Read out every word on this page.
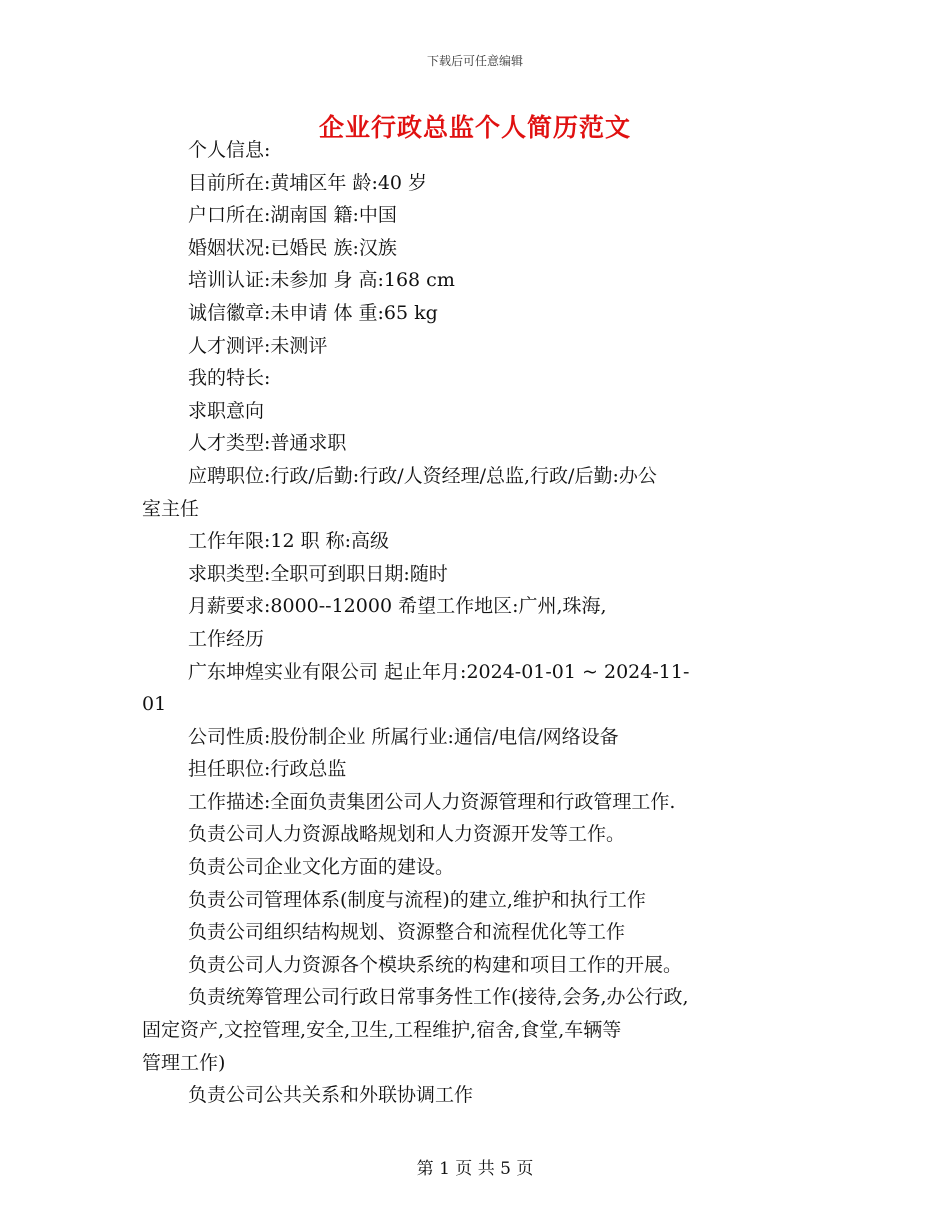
下载后可任意编辑
企业行政总监个人简历范文
个人信息:
目前所在:黄埔区年 龄:40 岁
户口所在:湖南国 籍:中国
婚姻状况:已婚民 族:汉族
培训认证:未参加 身 高:168 cm
诚信徽章:未申请 体 重:65 kg
人才测评:未测评
我的特长:
求职意向
人才类型:普通求职
应聘职位:行政/后勤:行政/人资经理/总监,行政/后勤:办公
室主任
工作年限:12 职 称:高级
求职类型:全职可到职日期:随时
月薪要求:8000--12000 希望工作地区:广州,珠海,
工作经历
广东坤煌实业有限公司 起止年月:2024-01-01 ~ 2024-11-
01
公司性质:股份制企业 所属行业:通信/电信/网络设备
担任职位:行政总监
工作描述:全面负责集团公司人力资源管理和行政管理工作.
负责公司人力资源战略规划和人力资源开发等工作。
负责公司企业文化方面的建设。
负责公司管理体系(制度与流程)的建立,维护和执行工作
负责公司组织结构规划、资源整合和流程优化等工作
负责公司人力资源各个模块系统的构建和项目工作的开展。
负责统筹管理公司行政日常事务性工作(接待,会务,办公行政,
固定资产,文控管理,安全,卫生,工程维护,宿舍,食堂,车辆等
管理工作)
负责公司公共关系和外联协调工作
第 1 页 共 5 页
